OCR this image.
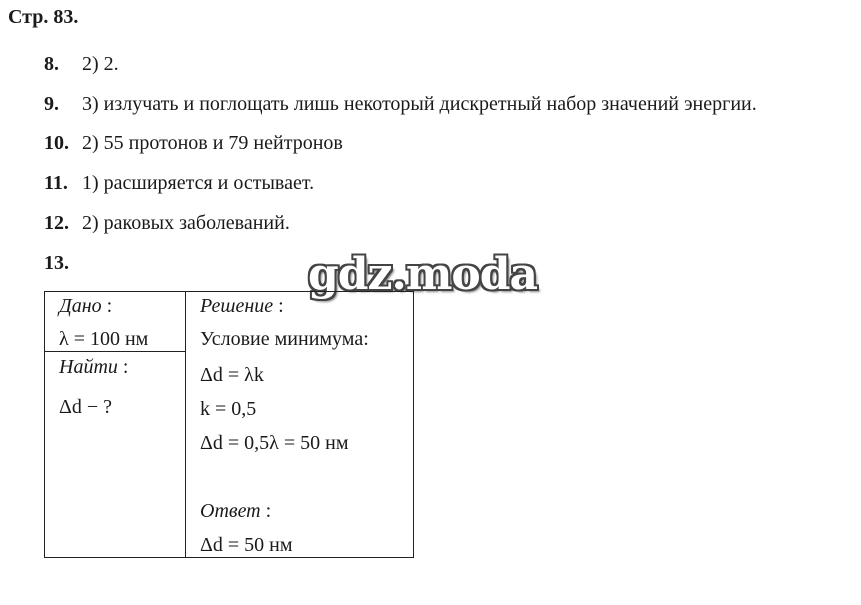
Стр. 83.
8. 2) 2.
9. 3) излучать и поглощать лишь некоторый дискретный набор значений энергии.
10. 2) 55 протонов и 79 нейтронов
11. 1) расширяется и остывает.
12. 2) раковых заболеваний.
13.	gdz.moda
Дано :
λ = 100 нм
Найти :
Δd − ?
Решение :
Условие минимума:
Δd = λk
k = 0,5
Δd = 0,5λ = 50 нм
Ответ :
Δd = 50 нм
